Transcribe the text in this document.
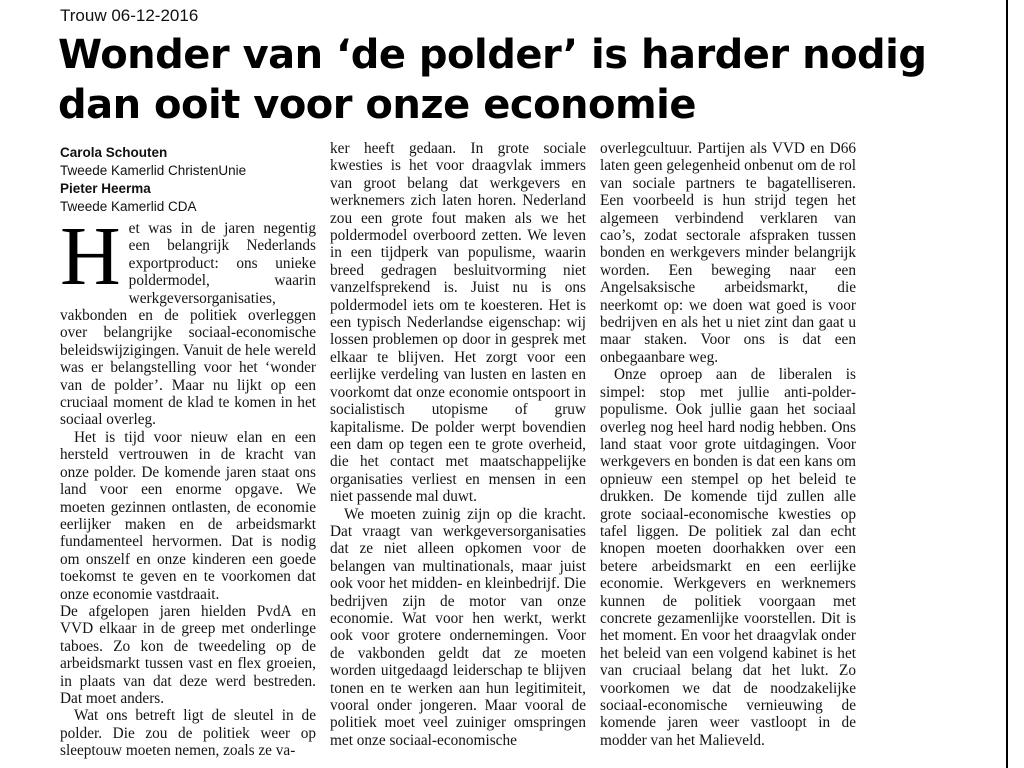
Trouw 06-12-2016
Wonder van ‘de polder’ is harder nodig dan ooit voor onze economie
Carola Schouten
Tweede Kamerlid ChristenUnie
Pieter Heerma
Tweede Kamerlid CDA

Het was in de jaren negentig een belangrijk Nederlands exportproduct: ons unieke poldermodel, waarin werkgeversorganisaties, vakbonden en de politiek overleggen over belangrijke sociaal-economische beleidswijzigingen. Vanuit de hele wereld was er belangstelling voor het ‘wonder van de polder’. Maar nu lijkt op een cruciaal moment de klad te komen in het sociaal overleg.

Het is tijd voor nieuw elan en een hersteld vertrouwen in de kracht van onze polder. De komende jaren staat ons land voor een enorme opgave. We moeten gezinnen ontlasten, de economie eerlijker maken en de arbeidsmarkt fundamenteel hervormen. Dat is nodig om onszelf en onze kinderen een goede toekomst te geven en te voorkomen dat onze economie vastdraait.

De afgelopen jaren hielden PvdA en VVD elkaar in de greep met onderlinge taboes. Zo kon de tweedeling op de arbeidsmarkt tussen vast en flex groeien, in plaats van dat deze werd bestreden. Dat moet anders.

Wat ons betreft ligt de sleutel in de polder. Die zou de politiek weer op sleeptouw moeten nemen, zoals ze va-

ker heeft gedaan. In grote sociale kwesties is het voor draagvlak immers van groot belang dat werkgevers en werknemers zich laten horen. Nederland zou een grote fout maken als we het poldermodel overboord zetten. We leven in een tijdperk van populisme, waarin breed gedragen besluitvorming niet vanzelfsprekend is. Juist nu is ons poldermodel iets om te koesteren. Het is een typisch Nederlandse eigenschap: wij lossen problemen op door in gesprek met elkaar te blijven. Het zorgt voor een eerlijke verdeling van lusten en lasten en voorkomt dat onze economie ontspoort in socialistisch utopisme of gruw kapitalisme. De polder werpt bovendien een dam op tegen een te grote overheid, die het contact met maatschappelijke organisaties verliest en mensen in een niet passende mal duwt.

We moeten zuinig zijn op die kracht. Dat vraagt van werkgeversorganisaties dat ze niet alleen opkomen voor de belangen van multinationals, maar juist ook voor het midden- en kleinbedrijf. Die bedrijven zijn de motor van onze economie. Wat voor hen werkt, werkt ook voor grotere ondernemingen. Voor de vakbonden geldt dat ze moeten worden uitgedaagd leiderschap te blijven tonen en te werken aan hun legitimiteit, vooral onder jongeren. Maar vooral de politiek moet veel zuiniger omspringen met onze sociaal-economische

overlegcultuur. Partijen als VVD en D66 laten geen gelegenheid onbenut om de rol van sociale partners te bagatelliseren. Een voorbeeld is hun strijd tegen het algemeen verbindend verklaren van cao’s, zodat sectorale afspraken tussen bonden en werkgevers minder belangrijk worden. Een beweging naar een Angelsaksische arbeidsmarkt, die neerkomt op: we doen wat goed is voor bedrijven en als het u niet zint dan gaat u maar staken. Voor ons is dat een onbegaanbare weg.

Onze oproep aan de liberalen is simpel: stop met jullie anti-polder-populisme. Ook jullie gaan het sociaal overleg nog heel hard nodig hebben. Ons land staat voor grote uitdagingen. Voor werkgevers en bonden is dat een kans om opnieuw een stempel op het beleid te drukken. De komende tijd zullen alle grote sociaal-economische kwesties op tafel liggen. De politiek zal dan echt knopen moeten doorhakken over een betere arbeidsmarkt en een eerlijke economie. Werkgevers en werknemers kunnen de politiek voorgaan met concrete gezamenlijke voorstellen. Dit is het moment. En voor het draagvlak onder het beleid van een volgend kabinet is het van cruciaal belang dat het lukt. Zo voorkomen we dat de noodzakelijke sociaal-economische vernieuwing de komende jaren weer vastloopt in de modder van het Malieveld.
